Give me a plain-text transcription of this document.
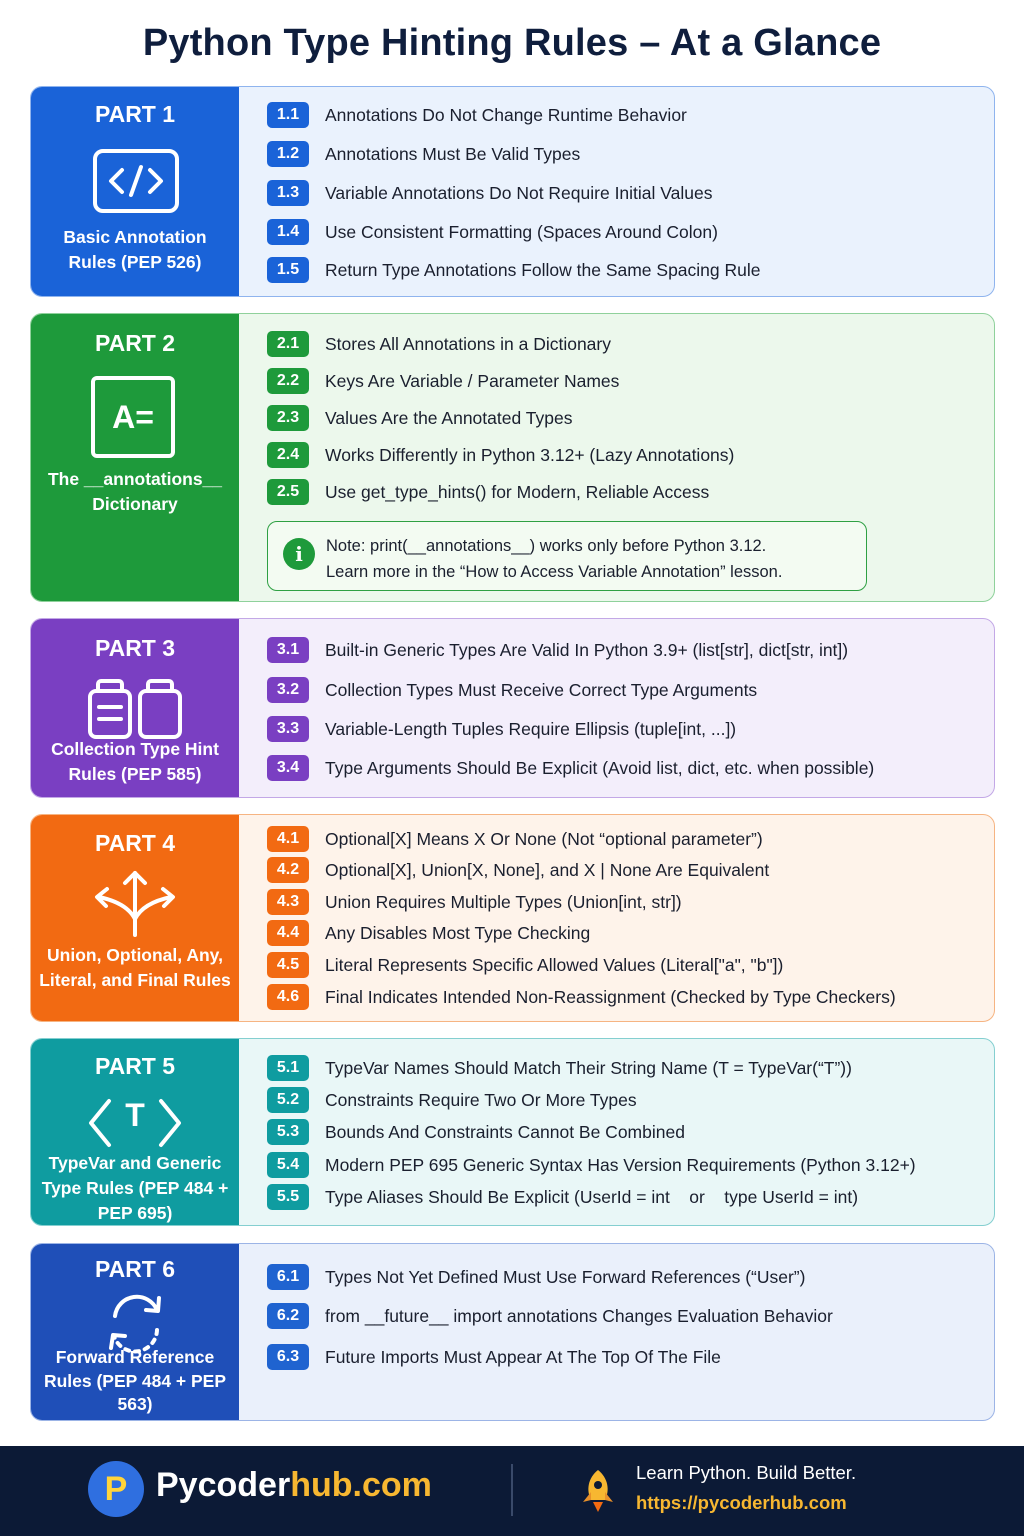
Python Type Hinting Rules – At a Glance
PART 1
Basic Annotation Rules (PEP 526)
1.1	Annotations Do Not Change Runtime Behavior
1.2	Annotations Must Be Valid Types
1.3	Variable Annotations Do Not Require Initial Values
1.4	Use Consistent Formatting (Spaces Around Colon)
1.5	Return Type Annotations Follow the Same Spacing Rule
PART 2
A=
The __annotations__ Dictionary
2.1	Stores All Annotations in a Dictionary
2.2	Keys Are Variable / Parameter Names
2.3	Values Are the Annotated Types
2.4	Works Differently in Python 3.12+ (Lazy Annotations)
2.5	Use get_type_hints() for Modern, Reliable Access
i	Note: print(__annotations__) works only before Python 3.12.
Learn more in the “How to Access Variable Annotation” lesson.
PART 3
Collection Type Hint Rules (PEP 585)
3.1	Built-in Generic Types Are Valid In Python 3.9+ (list[str], dict[str, int])
3.2	Collection Types Must Receive Correct Type Arguments
3.3	Variable-Length Tuples Require Ellipsis (tuple[int, ...])
3.4	Type Arguments Should Be Explicit (Avoid list, dict, etc. when possible)
PART 4
Union, Optional, Any, Literal, and Final Rules
4.1	Optional[X] Means X Or None (Not “optional parameter”)
4.2	Optional[X], Union[X, None], and X | None Are Equivalent
4.3	Union Requires Multiple Types (Union[int, str])
4.4	Any Disables Most Type Checking
4.5	Literal Represents Specific Allowed Values (Literal["a", "b"])
4.6	Final Indicates Intended Non-Reassignment (Checked by Type Checkers)
PART 5
T
TypeVar and Generic Type Rules (PEP 484 + PEP 695)
5.1	TypeVar Names Should Match Their String Name (T = TypeVar(“T”))
5.2	Constraints Require Two Or More Types
5.3	Bounds And Constraints Cannot Be Combined
5.4	Modern PEP 695 Generic Syntax Has Version Requirements (Python 3.12+)
5.5	Type Aliases Should Be Explicit (UserId = int    or    type UserId = int)
PART 6
Forward Reference Rules (PEP 484 + PEP 563)
6.1	Types Not Yet Defined Must Use Forward References (“User”)
6.2	from __future__ import annotations Changes Evaluation Behavior
6.3	Future Imports Must Appear At The Top Of The File
P Pycoderhub.com	Learn Python. Build Better.
https://pycoderhub.com
